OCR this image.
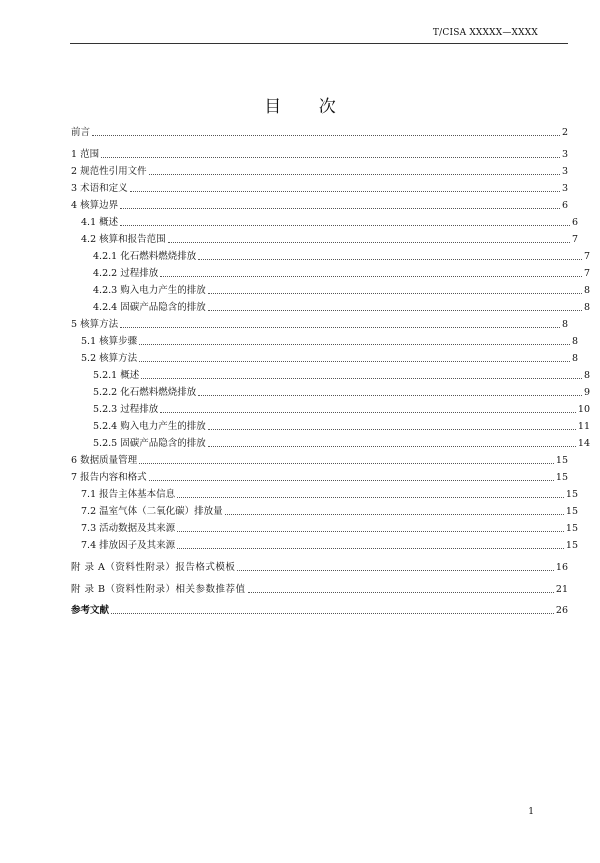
T/CISA XXXXX—XXXX
目 次
前言	2
1 范围	3
2 规范性引用文件	3
3 术语和定义	3
4 核算边界	6
4.1 概述	6
4.2 核算和报告范围	7
4.2.1 化石燃料燃烧排放	7
4.2.2 过程排放	7
4.2.3 购入电力产生的排放	8
4.2.4 固碳产品隐含的排放	8
5 核算方法	8
5.1 核算步骤	8
5.2 核算方法	8
5.2.1 概述	8
5.2.2 化石燃料燃烧排放	9
5.2.3 过程排放	10
5.2.4 购入电力产生的排放	11
5.2.5 固碳产品隐含的排放	14
6 数据质量管理	15
7 报告内容和格式	15
7.1 报告主体基本信息	15
7.2 温室气体（二氧化碳）排放量	15
7.3 活动数据及其来源	15
7.4 排放因子及其来源	15
附 录 A（资料性附录）报告格式模板	16
附 录 B（资料性附录）相关参数推荐值	21
参考文献	26
1
